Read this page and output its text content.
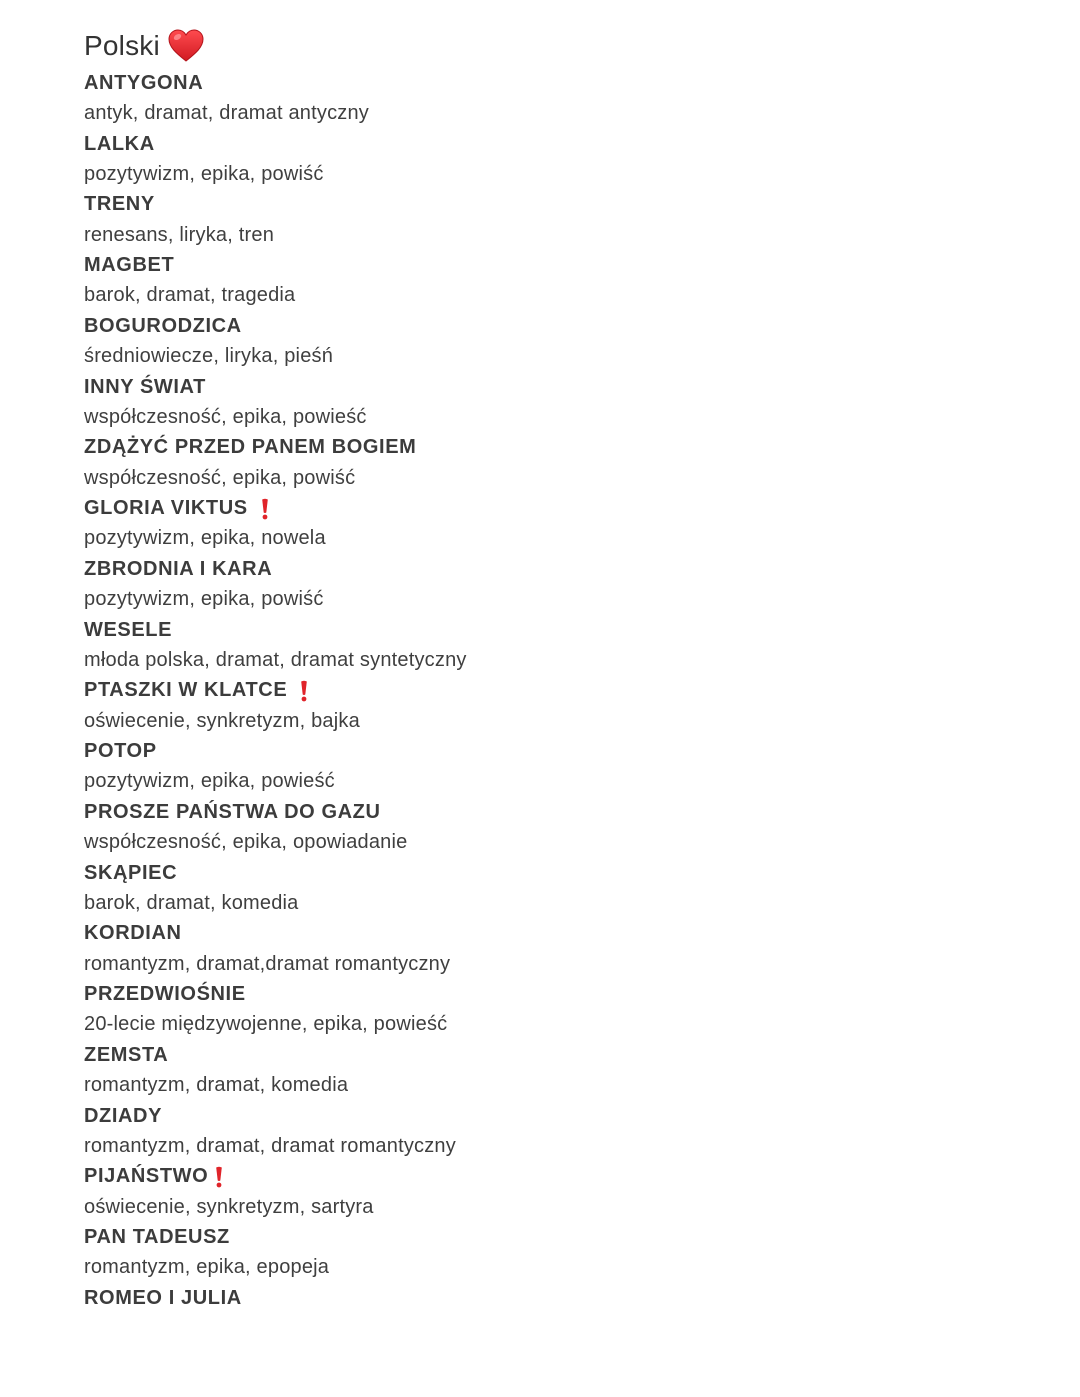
Polski
ANTYGONA
antyk, dramat, dramat antyczny
LALKA
pozytywizm, epika, powiść
TRENY
renesans, liryka, tren
MAGBET
barok, dramat, tragedia
BOGURODZICA
średniowiecze, liryka, pieśń
INNY ŚWIAT
współczesność, epika, powieść
ZDĄŻYĆ PRZED PANEM BOGIEM
współczesność, epika, powiść
GLORIA VIKTUS
pozytywizm, epika, nowela
ZBRODNIA I KARA
pozytywizm, epika, powiść
WESELE
młoda polska, dramat, dramat syntetyczny
PTASZKI W KLATCE
oświecenie, synkretyzm, bajka
POTOP
pozytywizm, epika, powieść
PROSZE PAŃSTWA DO GAZU
współczesność, epika, opowiadanie
SKĄPIEC
barok, dramat, komedia
KORDIAN
romantyzm, dramat,dramat romantyczny
PRZEDWIOŚNIE
20-lecie międzywojenne, epika, powieść
ZEMSTA
romantyzm, dramat, komedia
DZIADY
romantyzm, dramat, dramat romantyczny
PIJAŃSTWO
oświecenie, synkretyzm, sartyra
PAN TADEUSZ
romantyzm, epika, epopeja
ROMEO I JULIA
